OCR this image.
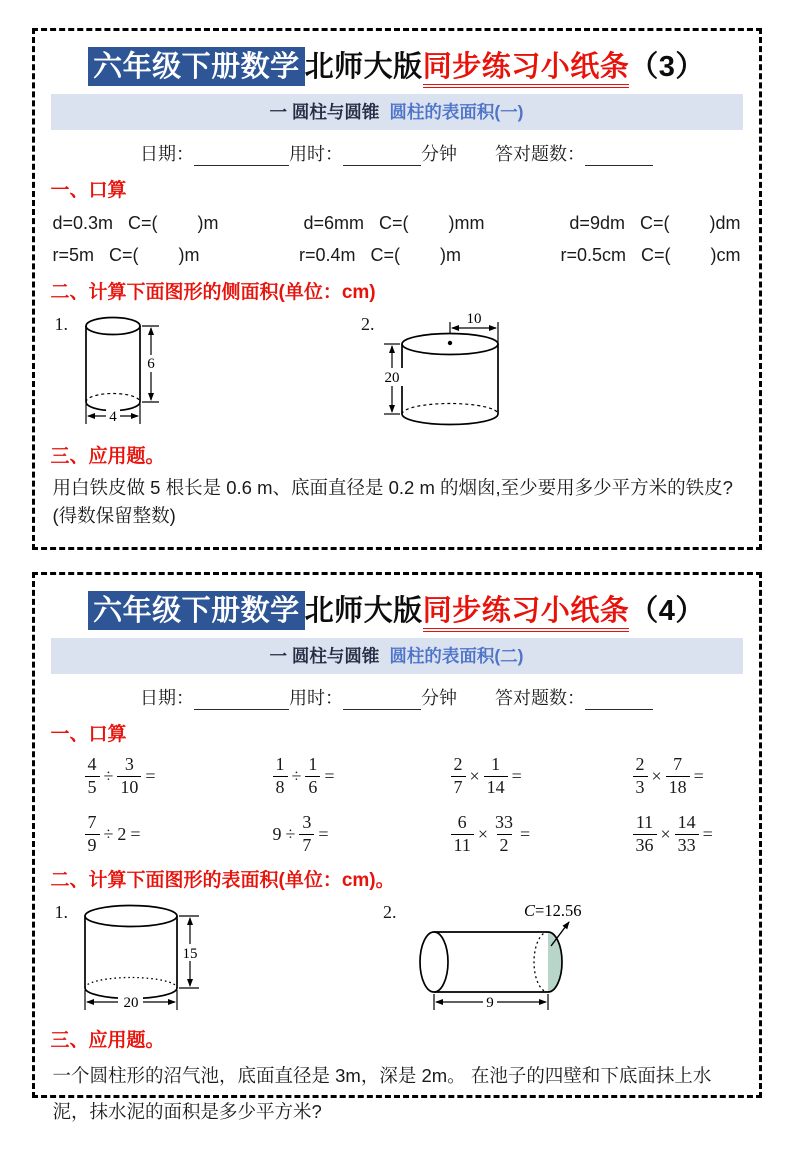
六年级下册数学 北师大版同步练习小纸条（3）
一 圆柱与圆锥 圆柱的表面积(一)
日期：	用时：	分钟 答对题数：
一、口算
d=0.3m   C=(        )m	d=6mm   C=(        )mm	d=9dm   C=(        )dm
r=5m   C=(        )m	r=0.4m   C=(        )m	r=0.5cm   C=(        )cm
二、计算下面图形的侧面积(单位：cm)
1.
6
4
2.	10
20
三、应用题。

用白铁皮做 5 根长是 0.6 m、底面直径是 0.2 m 的烟囱,至少要用多少平方米的铁皮?(得数保留整数)

六年级下册数学 北师大版同步练习小纸条（4）
一 圆柱与圆锥 圆柱的表面积(二)
日期：	用时：	分钟 答对题数：
一、口算
$\frac{4}{5} \div \frac{3}{10}$ =	$\frac{1}{8} \div \frac{1}{6}$ =	$\frac{2}{7} \times \frac{1}{14}$ =	$\frac{2}{3} \times \frac{7}{18}$ =
$\frac{7}{9} \div 2$ =	$9 \div \frac{3}{7}$ =	$\frac{6}{11} \times \frac{33}{2}$ =	$\frac{11}{36} \times \frac{14}{33}$ =
二、计算下面图形的表面积(单位：cm)。
1.
15
20
2.	C=12.56
9
三、应用题。

一个圆柱形的沼气池，底面直径是 3m，深是 2m。 在池子的四壁和下底面抹上水泥，抹水泥的面积是多少平方米?
